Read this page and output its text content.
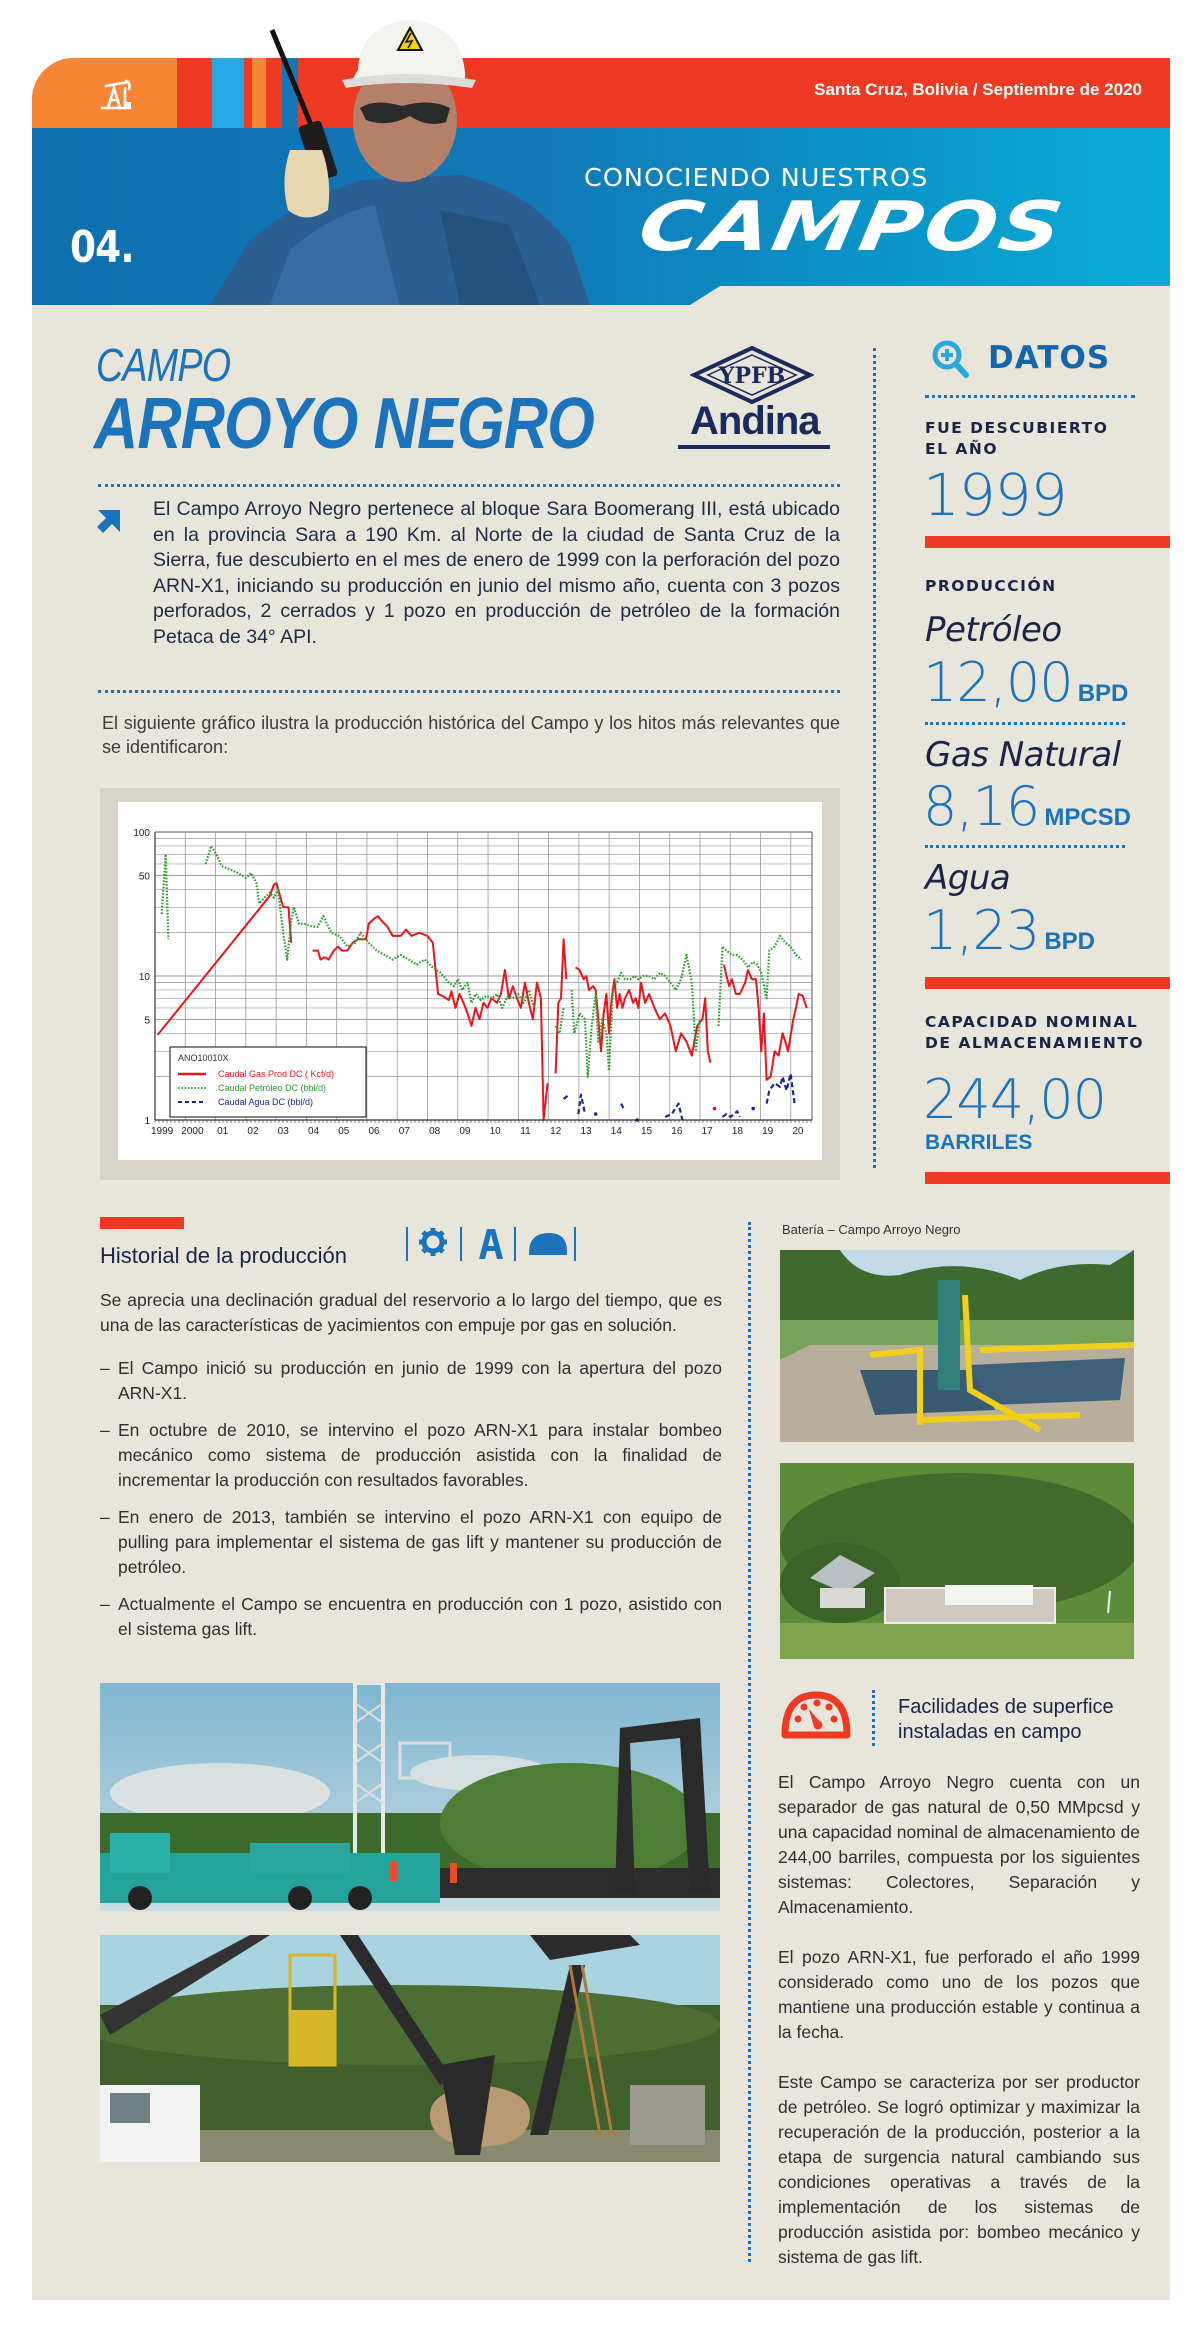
04.
Santa Cruz, Bolivia / Septiembre de 2020
CONOCIENDO NUESTROS
CAMPOS
CAMPO
ARROYO NEGRO
YPFB
Andina
El Campo Arroyo Negro pertenece al bloque Sara Boomerang III, está ubicado en la provincia Sara a 190 Km. al Norte de la ciudad de Santa Cruz de la Sierra, fue descubierto en el mes de enero de 1999 con la perforación del pozo ARN-X1, iniciando su producción en junio del mismo año, cuenta con 3 pozos perforados, 2 cerrados y 1 pozo en producción de petróleo de la formación Petaca de 34° API.
El siguiente gráfico ilustra la producción histórica del Campo y los hitos más relevantes que se identificaron:
1999 2000 01 02 03 04 05 06 07 08 09 10 11 12 13 14 15 16 17 18 19 20
1
5
10
50
100
ANO10010X
Caudal Gas Prod DC ( Kcf/d)
Caudal Petróleo DC (bbl/d)
Caudal Agua DC (bbl/d)
DATOS
FUE DESCUBIERTO EL AÑO
1999
PRODUCCIÓN
Petróleo
12,00 BPD
Gas Natural
8,16 MPCSD
Agua
1,23 BPD
CAPACIDAD NOMINAL DE ALMACENAMIENTO
244,00
BARRILES
Historial de la producción
Se aprecia una declinación gradual del reservorio a lo largo del tiempo, que es una de las características de yacimientos con empuje por gas en solución.
– El Campo inició su producción en junio de 1999 con la apertura del pozo ARN-X1.
– En octubre de 2010, se intervino el pozo ARN-X1 para instalar bombeo mecánico como sistema de producción asistida con la finalidad de incrementar la producción con resultados favorables.
– En enero de 2013, también se intervino el pozo ARN-X1 con equipo de pulling para implementar el sistema de gas lift y mantener su producción de petróleo.
– Actualmente el Campo se encuentra en producción con 1 pozo, asistido con el sistema gas lift.
Batería – Campo Arroyo Negro
Facilidades de superfice
instaladas en campo

El Campo Arroyo Negro cuenta con un separador de gas natural de 0,50 MMpcsd y una capacidad nominal de almacenamiento de 244,00 barriles, compuesta por los siguientes sistemas: Colectores, Separación y Almacenamiento.

El pozo ARN-X1, fue perforado el año 1999 considerado como uno de los pozos que mantiene una producción estable y continua a la fecha.

Este Campo se caracteriza por ser productor de petróleo. Se logró optimizar y maximizar la recuperación de la producción, posterior a la etapa de surgencia natural cambiando sus condiciones operativas a través de la implementación de los sistemas de producción asistida por: bombeo mecánico y sistema de gas lift.
